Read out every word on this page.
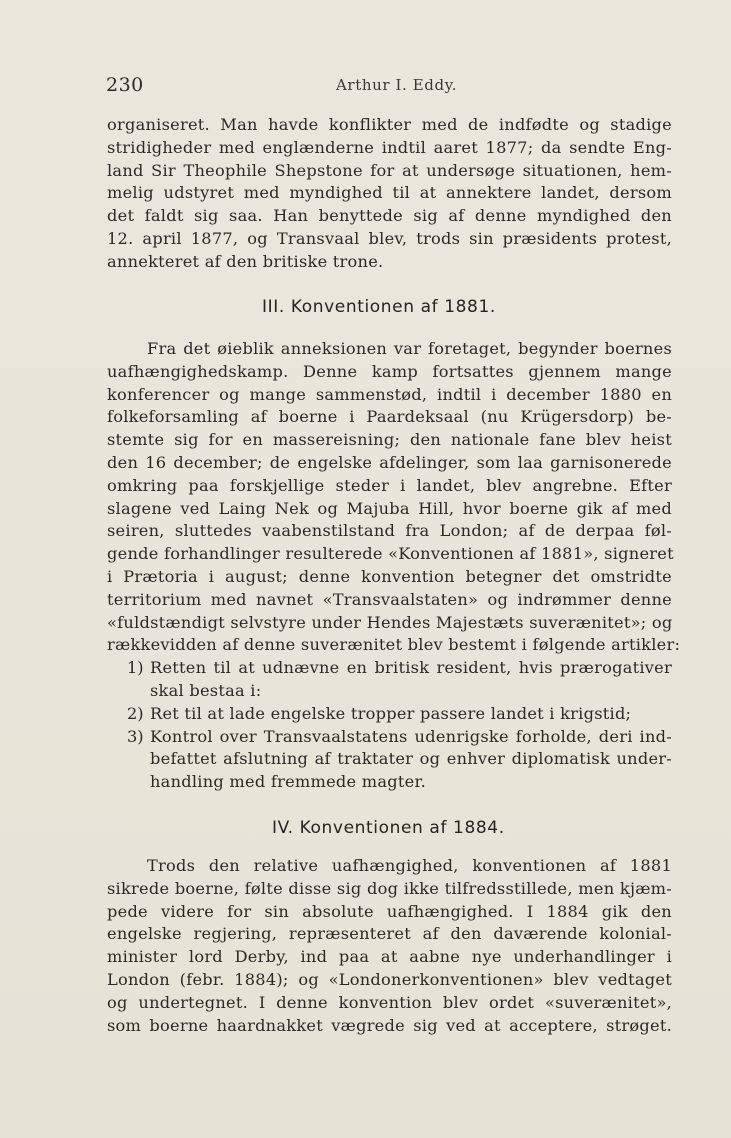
230	Arthur I. Eddy.
organiseret. Man havde konflikter med de indfødte og stadige
stridigheder med englænderne indtil aaret 1877; da sendte Eng-
land Sir Theophile Shepstone for at undersøge situationen, hem-
melig udstyret med myndighed til at annektere landet, dersom
det faldt sig saa. Han benyttede sig af denne myndighed den
12. april 1877, og Transvaal blev, trods sin præsidents protest,
annekteret af den britiske trone.
III. Konventionen af 1881.
Fra det øieblik anneksionen var foretaget, begynder boernes
uafhængighedskamp. Denne kamp fortsattes gjennem mange
konferencer og mange sammenstød, indtil i december 1880 en
folkeforsamling af boerne i Paardeksaal (nu Krügersdorp) be-
stemte sig for en massereisning; den nationale fane blev heist
den 16 december; de engelske afdelinger, som laa garnisonerede
omkring paa forskjellige steder i landet, blev angrebne. Efter
slagene ved Laing Nek og Majuba Hill, hvor boerne gik af med
seiren, sluttedes vaabenstilstand fra London; af de derpaa føl-
gende forhandlinger resulterede «Konventionen af 1881», signeret
i Prætoria i august; denne konvention betegner det omstridte
territorium med navnet «Transvaalstaten» og indrømmer denne
«fuldstændigt selvstyre under Hendes Majestæts suverænitet»; og
rækkevidden af denne suverænitet blev bestemt i følgende artikler:
1) Retten til at udnævne en britisk resident, hvis prærogativer
skal bestaa i:
2) Ret til at lade engelske tropper passere landet i krigstid;
3) Kontrol over Transvaalstatens udenrigske forholde, deri ind-
befattet afslutning af traktater og enhver diplomatisk under-
handling med fremmede magter.
IV. Konventionen af 1884.
Trods den relative uafhængighed, konventionen af 1881
sikrede boerne, følte disse sig dog ikke tilfredsstillede, men kjæm-
pede videre for sin absolute uafhængighed. I 1884 gik den
engelske regjering, repræsenteret af den daværende kolonial-
minister lord Derby, ind paa at aabne nye underhandlinger i
London (febr. 1884); og «Londonerkonventionen» blev vedtaget
og undertegnet. I denne konvention blev ordet «suverænitet»,
som boerne haardnakket vægrede sig ved at acceptere, strøget.
